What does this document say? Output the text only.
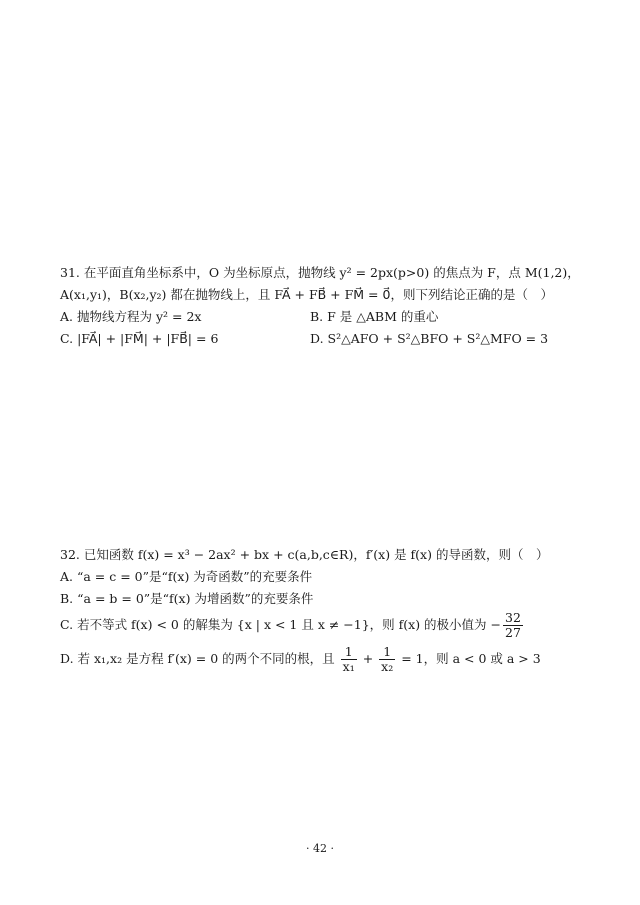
31. 在平面直角坐标系中，O 为坐标原点，抛物线 y² = 2px(p>0) 的焦点为 F，点 M(1,2)，
A(x₁,y₁)，B(x₂,y₂) 都在抛物线上，且 FA⃗ + FB⃗ + FM⃗ = 0⃗，则下列结论正确的是（　）
A. 抛物线方程为 y² = 2x	B. F 是 △ABM 的重心
C. |FA⃗| + |FM⃗| + |FB⃗| = 6	D. S²△AFO + S²△BFO + S²△MFO = 3
32. 已知函数 f(x) = x³ − 2ax² + bx + c(a,b,c∈R)，f′(x) 是 f(x) 的导函数，则（　）
A. “a = c = 0”是“f(x) 为奇函数”的充要条件
B. “a = b = 0”是“f(x) 为增函数”的充要条件
C. 若不等式 f(x) < 0 的解集为 {x | x < 1 且 x ≠ −1}，则 f(x) 的极小值为 − $\frac{32}{27}$
D. 若 x₁,x₂ 是方程 f′(x) = 0 的两个不同的根，且 $\frac{1}{\text{x₁}} + \frac{1}{\text{x₂}} = 1$，则 a < 0 或 a > 3
· 42 ·
